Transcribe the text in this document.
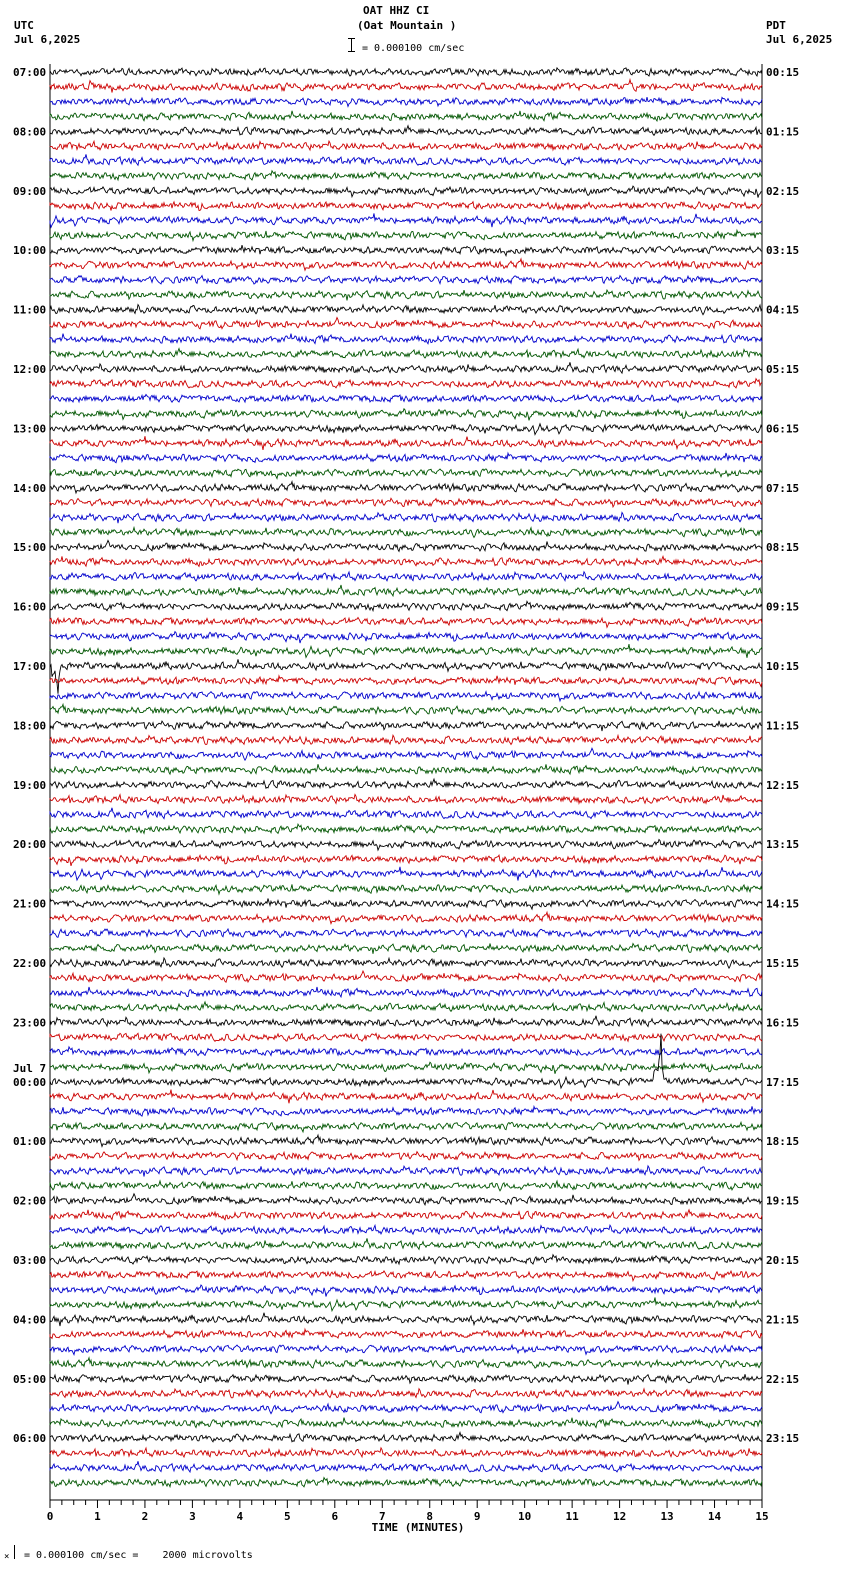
OAT HHZ CI
(Oat Mountain )
= 0.000100 cm/sec
UTC
Jul 6,2025
PDT
Jul 6,2025
07:00	00:15
08:00	01:15
09:00	02:15
10:00	03:15
11:00	04:15
12:00	05:15
13:00	06:15
14:00	07:15
15:00	08:15
16:00	09:15
17:00	10:15
18:00	11:15
19:00	12:15
20:00	13:15
21:00	14:15
22:00	15:15
23:00	16:15
00:00	17:15
01:00	18:15
02:00	19:15
03:00	20:15
04:00	21:15
05:00	22:15
06:00	23:15
Jul 7
0	1	2	3	4	5	6	7	8	9	10	11	12	13	14	15
TIME (MINUTES)
× = 0.000100 cm/sec =    2000 microvolts
